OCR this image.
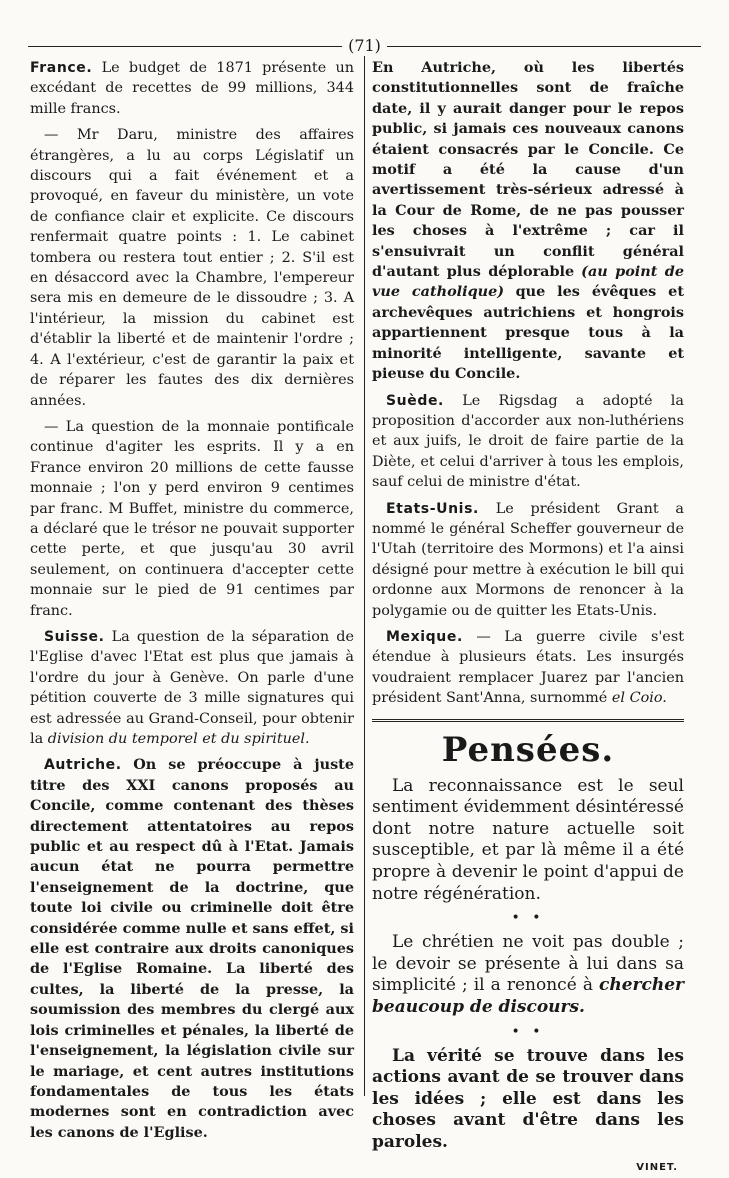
(71)

France. Le budget de 1871 présente un excédant de recettes de 99 millions, 344 mille francs.

— Mr Daru, ministre des affaires étrangères, a lu au corps Législatif un discours qui a fait événement et a provoqué, en faveur du ministère, un vote de confiance clair et explicite. Ce discours renfermait quatre points : 1. Le cabinet tombera ou restera tout entier ; 2. S'il est en désaccord avec la Chambre, l'empereur sera mis en demeure de le dissoudre ; 3. A l'intérieur, la mission du cabinet est d'établir la liberté et de maintenir l'ordre ; 4. A l'extérieur, c'est de garantir la paix et de réparer les fautes des dix dernières années.

— La question de la monnaie pontificale continue d'agiter les esprits. Il y a en France environ 20 millions de cette fausse monnaie ; l'on y perd environ 9 centimes par franc. M Buffet, ministre du commerce, a déclaré que le trésor ne pouvait supporter cette perte, et que jusqu'au 30 avril seulement, on continuera d'accepter cette monnaie sur le pied de 91 centimes par franc.

Suisse. La question de la séparation de l'Eglise d'avec l'Etat est plus que jamais à l'ordre du jour à Genève. On parle d'une pétition couverte de 3 mille signatures qui est adressée au Grand-Conseil, pour obtenir la division du temporel et du spirituel.

Autriche. On se préoccupe à juste titre des XXI canons proposés au Concile, comme contenant des thèses directement attentatoires au repos public et au respect dû à l'Etat. Jamais aucun état ne pourra permettre l'enseignement de la doctrine, que toute loi civile ou criminelle doit être considérée comme nulle et sans effet, si elle est contraire aux droits canoniques de l'Eglise Romaine. La liberté des cultes, la liberté de la presse, la soumission des membres du clergé aux lois criminelles et pénales, la liberté de l'enseignement, la législation civile sur le mariage, et cent autres institutions fondamentales de tous les états modernes sont en contradiction avec les canons de l'Eglise.

En Autriche, où les libertés constitutionnelles sont de fraîche date, il y aurait danger pour le repos public, si jamais ces nouveaux canons étaient consacrés par le Concile. Ce motif a été la cause d'un avertissement très-sérieux adressé à la Cour de Rome, de ne pas pousser les choses à l'extrême ; car il s'ensuivrait un conflit général d'autant plus déplorable (au point de vue catholique) que les évêques et archevêques autrichiens et hongrois appartiennent presque tous à la minorité intelligente, savante et pieuse du Concile.

Suède. Le Rigsdag a adopté la proposition d'accorder aux non-luthériens et aux juifs, le droit de faire partie de la Diète, et celui d'arriver à tous les emplois, sauf celui de ministre d'état.

Etats-Unis. Le président Grant a nommé le général Scheffer gouverneur de l'Utah (territoire des Mormons) et l'a ainsi désigné pour mettre à exécution le bill qui ordonne aux Mormons de renoncer à la polygamie ou de quitter les Etats-Unis.

Mexique. — La guerre civile s'est étendue à plusieurs états. Les insurgés voudraient remplacer Juarez par l'ancien président Sant'Anna, surnommé el Coio.

Pensées.

La reconnaissance est le seul sentiment évidemment désintéressé dont notre nature actuelle soit susceptible, et par là même il a été propre à devenir le point d'appui de notre régénération.

• •

Le chrétien ne voit pas double ; le devoir se présente à lui dans sa simplicité ; il a renoncé à chercher beaucoup de discours.

• •

La vérité se trouve dans les actions avant de se trouver dans les idées ; elle est dans les choses avant d'être dans les paroles.

VINET.
